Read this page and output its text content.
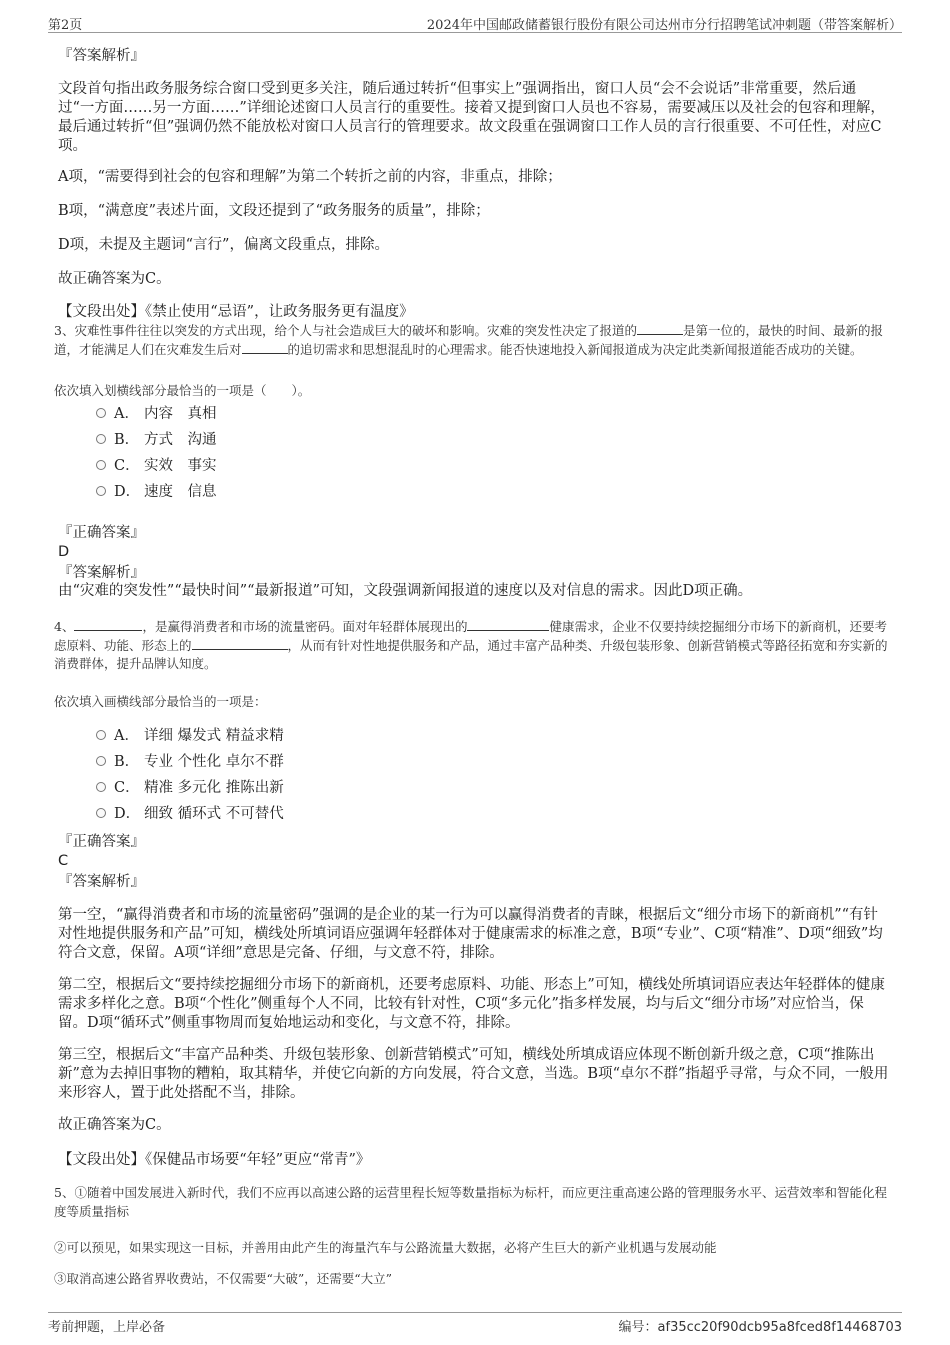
第2页	2024年中国邮政储蓄银行股份有限公司达州市分行招聘笔试冲刺题（带答案解析）
『答案解析』
文段首句指出政务服务综合窗口受到更多关注，随后通过转折“但事实上”强调指出，窗口人员“会不会说话”非常重要，然后通过“一方面……另一方面……”详细论述窗口人员言行的重要性。接着又提到窗口人员也不容易，需要减压以及社会的包容和理解，最后通过转折“但”强调仍然不能放松对窗口人员言行的管理要求。故文段重在强调窗口工作人员的言行很重要、不可任性，对应C项。
A项，“需要得到社会的包容和理解”为第二个转折之前的内容，非重点，排除；
B项，“满意度”表述片面，文段还提到了“政务服务的质量”，排除；
D项，未提及主题词“言行”，偏离文段重点，排除。
故正确答案为C。
【文段出处】《禁止使用“忌语”，让政务服务更有温度》
3、灾难性事件往往以突发的方式出现，给个人与社会造成巨大的破坏和影响。灾难的突发性决定了报道的	是第一位的，最快的时间、最新的报道，才能满足人们在灾难发生后对	的追切需求和思想混乱时的心理需求。能否快速地投入新闻报道成为决定此类新闻报道能否成功的关键。
依次填入划横线部分最恰当的一项是（　　）。
A． 内容　真相
B． 方式　沟通
C． 实效　事实
D． 速度　信息
『正确答案』
D
『答案解析』
由“灾难的突发性”“最快时间”“最新报道”可知，文段强调新闻报道的速度以及对信息的需求。因此D项正确。
4、	，是赢得消费者和市场的流量密码。面对年轻群体展现出的	健康需求，企业不仅要持续挖掘细分市场下的新商机，还要考虑原料、功能、形态上的	，从而有针对性地提供服务和产品，通过丰富产品种类、升级包装形象、创新营销模式等路径拓宽和夯实新的消费群体，提升品牌认知度。
依次填入画横线部分最恰当的一项是：
A． 详细 爆发式 精益求精
B． 专业 个性化 卓尔不群
C． 精准 多元化 推陈出新
D． 细致 循环式 不可替代
『正确答案』
C
『答案解析』
第一空，“赢得消费者和市场的流量密码”强调的是企业的某一行为可以赢得消费者的青睐，根据后文“细分市场下的新商机”“有针对性地提供服务和产品”可知，横线处所填词语应强调年轻群体对于健康需求的标准之意，B项“专业”、C项“精准”、D项“细致”均符合文意，保留。A项“详细”意思是完备、仔细，与文意不符，排除。
第二空，根据后文“要持续挖掘细分市场下的新商机，还要考虑原料、功能、形态上”可知，横线处所填词语应表达年轻群体的健康需求多样化之意。B项“个性化”侧重每个人不同，比较有针对性，C项“多元化”指多样发展，均与后文“细分市场”对应恰当，保留。D项“循环式”侧重事物周而复始地运动和变化，与文意不符，排除。
第三空，根据后文“丰富产品种类、升级包装形象、创新营销模式”可知，横线处所填成语应体现不断创新升级之意，C项“推陈出新”意为去掉旧事物的糟粕，取其精华，并使它向新的方向发展，符合文意，当选。B项“卓尔不群”指超乎寻常，与众不同，一般用来形容人，置于此处搭配不当，排除。
故正确答案为C。
【文段出处】《保健品市场要“年轻”更应“常青”》
5、①随着中国发展进入新时代，我们不应再以高速公路的运营里程长短等数量指标为标杆，而应更注重高速公路的管理服务水平、运营效率和智能化程度等质量指标
②可以预见，如果实现这一目标，并善用由此产生的海量汽车与公路流量大数据，必将产生巨大的新产业机遇与发展动能
③取消高速公路省界收费站，不仅需要“大破”，还需要“大立”
考前押题，上岸必备	编号：af35cc20f90dcb95a8fced8f14468703
